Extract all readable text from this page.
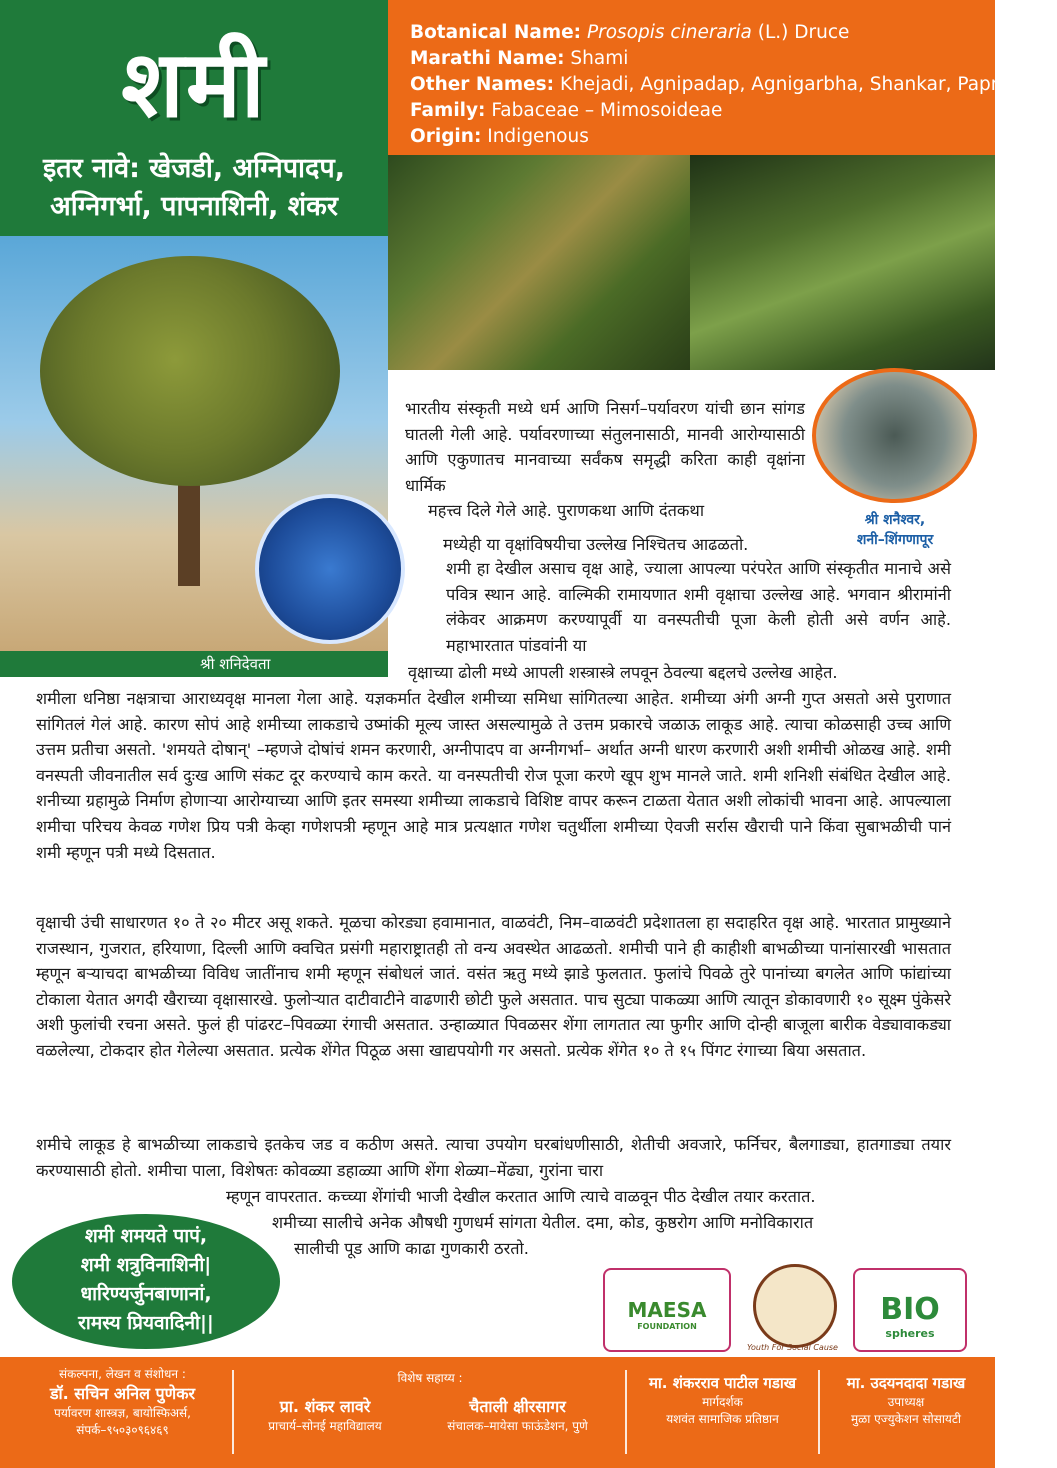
शमी
इतर नावे: खेजडी, अग्निपादप,
अग्निगर्भा, पापनाशिनी, शंकर
Botanical Name: Prosopis cineraria (L.) Druce
Marathi Name: Shami
Other Names: Khejadi, Agnipadap, Agnigarbha, Shankar, Papnashini
Family: Fabaceae – Mimosoideae
Origin: Indigenous
श्री शनिदेवता
श्री शनैश्वर,
शनी–शिंगणापूर
भारतीय संस्कृती मध्ये धर्म आणि निसर्ग–पर्यावरण यांची छान सांगड घातली गेली आहे. पर्यावरणाच्या संतुलनासाठी, मानवी आरोग्यासाठी आणि एकुणातच मानवाच्या सर्वंकष समृद्धी करिता काही वृक्षांना धार्मिक
महत्त्व दिले गेले आहे. पुराणकथा आणि दंतकथा
मध्येही या वृक्षांविषयीचा उल्लेख निश्चितच आढळतो.
शमी हा देखील असाच वृक्ष आहे, ज्याला आपल्या परंपरेत आणि संस्कृतीत मानाचे असे पवित्र स्थान आहे. वाल्मिकी रामायणात शमी वृक्षाचा उल्लेख आहे. भगवान श्रीरामांनी लंकेवर आक्रमण करण्यापूर्वी या वनस्पतीची पूजा केली होती असे वर्णन आहे. महाभारतात पांडवांनी या
वृक्षाच्या ढोली मध्ये आपली शस्त्रास्त्रे लपवून ठेवल्या बद्दलचे उल्लेख आहेत.
शमीला धनिष्ठा नक्षत्राचा आराध्यवृक्ष मानला गेला आहे. यज्ञकर्मात देखील शमीच्या समिधा सांगितल्या आहेत. शमीच्या अंगी अग्नी गुप्त असतो असे पुराणात सांगितलं गेलं आहे. कारण सोपं आहे शमीच्या लाकडाचे उष्मांकी मूल्य जास्त असल्यामुळे ते उत्तम प्रकारचे जळाऊ लाकूड आहे. त्याचा कोळसाही उच्च आणि उत्तम प्रतीचा असतो. 'शमयते दोषान्' –म्हणजे दोषांचं शमन करणारी, अग्नीपादप वा अग्नीगर्भा– अर्थात अग्नी धारण करणारी अशी शमीची ओळख आहे. शमी वनस्पती जीवनातील सर्व दुःख आणि संकट दूर करण्याचे काम करते. या वनस्पतीची रोज पूजा करणे खूप शुभ मानले जाते. शमी शनिशी संबंधित देखील आहे. शनीच्या ग्रहामुळे निर्माण होणाऱ्या आरोग्याच्या आणि इतर समस्या शमीच्या लाकडाचे विशिष्ट वापर करून टाळता येतात अशी लोकांची भावना आहे. आपल्याला शमीचा परिचय केवळ गणेश प्रिय पत्री केव्हा गणेशपत्री म्हणून आहे मात्र प्रत्यक्षात गणेश चतुर्थीला शमीच्या ऐवजी सर्रास खैराची पाने किंवा सुबाभळीची पानं शमी म्हणून पत्री मध्ये दिसतात.
वृक्षाची उंची साधारणत १० ते २० मीटर असू शकते. मूळचा कोरड्या हवामानात, वाळवंटी, निम–वाळवंटी प्रदेशातला हा सदाहरित वृक्ष आहे. भारतात प्रामुख्याने राजस्थान, गुजरात, हरियाणा, दिल्ली आणि क्वचित प्रसंगी महाराष्ट्रातही तो वन्य अवस्थेत आढळतो. शमीची पाने ही काहीशी बाभळीच्या पानांसारखी भासतात म्हणून बऱ्याचदा बाभळीच्या विविध जातींनाच शमी म्हणून संबोधलं जातं. वसंत ऋतु मध्ये झाडे फुलतात. फुलांचे पिवळे तुरे पानांच्या बगलेत आणि फांद्यांच्या टोकाला येतात अगदी खैराच्या वृक्षासारखे. फुलोऱ्यात दाटीवाटीने वाढणारी छोटी फुले असतात. पाच सुट्या पाकळ्या आणि त्यातून डोकावणारी १० सूक्ष्म पुंकेसरे अशी फुलांची रचना असते. फुलं ही पांढरट–पिवळ्या रंगाची असतात. उन्हाळ्यात पिवळसर शेंगा लागतात त्या फुगीर आणि दोन्ही बाजूला बारीक वेड्यावाकड्या वळलेल्या, टोकदार होत गेलेल्या असतात. प्रत्येक शेंगेत पिठूळ असा खाद्यपयोगी गर असतो. प्रत्येक शेंगेत १० ते १५ पिंगट रंगाच्या बिया असतात.
शमीचे लाकूड हे बाभळीच्या लाकडाचे इतकेच जड व कठीण असते. त्याचा उपयोग घरबांधणीसाठी, शेतीची अवजारे, फर्निचर, बैलगाड्या, हातगाड्या तयार करण्यासाठी होतो. शमीचा पाला, विशेषतः कोवळ्या डहाळ्या आणि शेंगा शेळ्या–मेंढ्या, गुरांना चारा
म्हणून वापरतात. कच्च्या शेंगांची भाजी देखील करतात आणि त्याचे वाळवून पीठ देखील तयार करतात.
शमीच्या सालीचे अनेक औषधी गुणधर्म सांगता येतील. दमा, कोड, कुष्ठरोग आणि मनोविकारात
सालीची पूड आणि काढा गुणकारी ठरतो.
शमी शमयते पापं,
शमी शत्रुविनाशिनी|
धारिण्यर्जुनबाणानां,
रामस्य प्रियवादिनी||
MAESA
FOUNDATION
Youth For Social Cause
BIO
spheres
संकल्पना, लेखन व संशोधन :
डॉ. सचिन अनिल पुणेकर
पर्यावरण शास्त्रज्ञ, बायोस्फिअर्स,
संपर्क–९५०३०९६४६९
विशेष सहाय्य :
प्रा. शंकर लावरे
प्राचार्य–सोनई महाविद्यालय
चैताली क्षीरसागर
संचालक–मायेसा फाऊंडेशन, पुणे
मा. शंकरराव पाटील गडाख
मार्गदर्शक
यशवंत सामाजिक प्रतिष्ठान
मा. उदयनदादा गडाख
उपाध्यक्ष
मुळा एज्युकेशन सोसायटी
